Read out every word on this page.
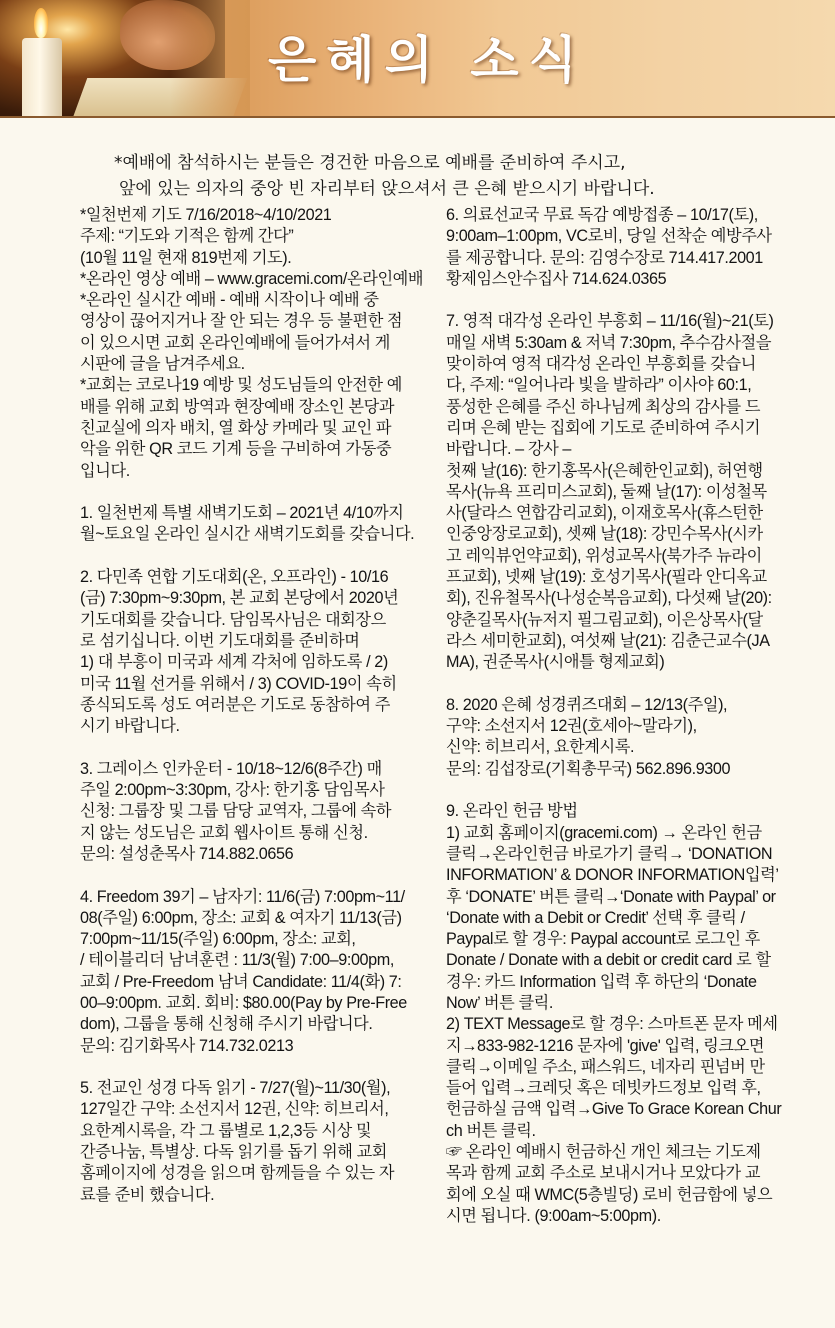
은혜의 소식
*예배에 참석하시는 분들은 경건한 마음으로 예배를 준비하여 주시고,
앞에 있는 의자의 중앙 빈 자리부터 앉으셔서 큰 은혜 받으시기 바랍니다.

*일천번제 기도 7/16/2018~4/10/2021
주제: “기도와 기적은 함께 간다”
(10월 11일 현재 819번제 기도).
*온라인 영상 예배 – www.gracemi.com/온라인예배
*온라인 실시간 예배 - 예배 시작이나 예배 중
영상이 끊어지거나 잘 안 되는 경우 등 불편한 점
이 있으시면 교회 온라인예배에 들어가셔서 게
시판에 글을 남겨주세요.
*교회는 코로나19 예방 및 성도님들의 안전한 예
배를 위해 교회 방역과 현장예배 장소인 본당과
친교실에 의자 배치, 열 화상 카메라 및 교인 파
악을 위한 QR 코드 기계 등을 구비하여 가동중
입니다.

1. 일천번제 특별 새벽기도회 – 2021년 4/10까지
월~토요일 온라인 실시간 새벽기도회를 갖습니다.

2. 다민족 연합 기도대회(온, 오프라인) - 10/16
(금) 7:30pm~9:30pm, 본 교회 본당에서 2020년
기도대회를 갖습니다. 담임목사님은 대회장으
로 섬기십니다. 이번 기도대회를 준비하며
1) 대 부흥이 미국과 세계 각처에 임하도록 / 2)
미국 11월 선거를 위해서 / 3) COVID-19이 속히
종식되도록 성도 여러분은 기도로 동참하여 주
시기 바랍니다.

3. 그레이스 인카운터 - 10/18~12/6(8주간) 매
주일 2:00pm~3:30pm, 강사: 한기홍 담임목사
신청: 그룹장 및 그룹 담당 교역자, 그룹에 속하
지 않는 성도님은 교회 웹사이트 통해 신청.
문의: 설성춘목사 714.882.0656

4. Freedom 39기 – 남자기: 11/6(금) 7:00pm~11/
08(주일) 6:00pm, 장소: 교회 & 여자기 11/13(금)
7:00pm~11/15(주일) 6:00pm, 장소: 교회,
/ 테이블리더 남녀훈련 : 11/3(월) 7:00–9:00pm,
교회 / Pre-Freedom 남녀 Candidate: 11/4(화) 7:
00–9:00pm. 교회. 회비: $80.00(Pay by Pre-Free
dom), 그룹을 통해 신청해 주시기 바랍니다.
문의: 김기화목사 714.732.0213

5. 전교인 성경 다독 읽기 - 7/27(월)~11/30(월),
127일간 구약: 소선지서 12권, 신약: 히브리서,
요한계시록을, 각 그 룹별로 1,2,3등 시상 및
간증나눔, 특별상. 다독 읽기를 돕기 위해 교회
홈페이지에 성경을 읽으며 함께들을 수 있는 자
료를 준비 했습니다.

6. 의료선교국 무료 독감 예방접종 – 10/17(토),
9:00am–1:00pm, VC로비, 당일 선착순 예방주사
를 제공합니다. 문의: 김영수장로 714.417.2001
황제임스안수집사 714.624.0365

7. 영적 대각성 온라인 부흥회 – 11/16(월)~21(토)
매일 새벽 5:30am & 저녁 7:30pm, 추수감사절을
맞이하여 영적 대각성 온라인 부흥회를 갖습니
다, 주제: “일어나라 빛을 발하라” 이사야 60:1,
풍성한 은혜를 주신 하나님께 최상의 감사를 드
리며 은혜 받는 집회에 기도로 준비하여 주시기
바랍니다. – 강사 –
첫째 날(16): 한기홍목사(은혜한인교회), 허연행
목사(뉴욕 프리미스교회), 둘째 날(17): 이성철목
사(달라스 연합감리교회), 이재호목사(휴스턴한
인중앙장로교회), 셋째 날(18): 강민수목사(시카
고 레익뷰언약교회), 위성교목사(북가주 뉴라이
프교회), 넷째 날(19): 호성기목사(필라 안디옥교
회), 진유철목사(나성순복음교회), 다섯째 날(20):
양춘길목사(뉴저지 필그림교회), 이은상목사(달
라스 세미한교회), 여섯째 날(21): 김춘근교수(JA
MA), 권준목사(시애틀 형제교회)

8. 2020 은혜 성경퀴즈대회 – 12/13(주일),
구약: 소선지서 12권(호세아~말라기),
신약: 히브리서, 요한계시록.
문의: 김섭장로(기획총무국) 562.896.9300

9. 온라인 헌금 방법
1) 교회 홈페이지(gracemi.com) → 온라인 헌금
클릭→온라인헌금 바로가기 클릭→ ‘DONATION
INFORMATION’ & DONOR INFORMATION입력’
후 ‘DONATE’ 버튼 클릭→‘Donate with Paypal’ or
‘Donate with a Debit or Credit’ 선택 후 클릭 /
Paypal로 할 경우: Paypal account로 로그인 후
Donate / Donate with a debit or credit card 로 할
경우: 카드 Information 입력 후 하단의 ‘Donate
Now’ 버튼 클릭.
2) TEXT Message로 할 경우: 스마트폰 문자 메세
지→833-982-1216 문자에 'give' 입력, 링크오면
클릭→이메일 주소, 패스워드, 네자리 핀넘버 만
들어 입력→크레딧 혹은 데빗카드정보 입력 후,
헌금하실 금액 입력→Give To Grace Korean Chur
ch 버튼 클릭.
☞ 온라인 예배시 헌금하신 개인 체크는 기도제
목과 함께 교회 주소로 보내시거나 모았다가 교
회에 오실 때 WMC(5층빌딩) 로비 헌금함에 넣으
시면 됩니다. (9:00am~5:00pm).
